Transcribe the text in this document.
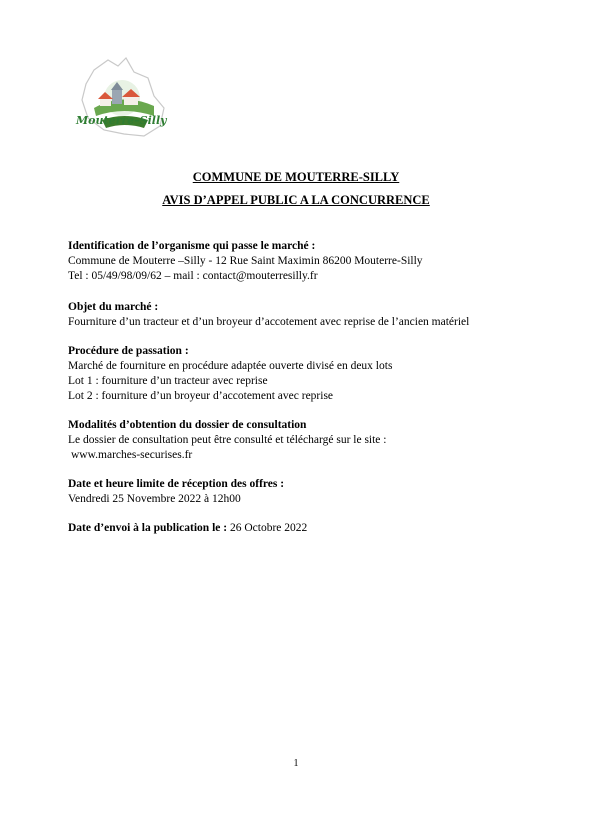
Mouterre–Silly
COMMUNE DE MOUTERRE-SILLY
AVIS D’APPEL PUBLIC A LA CONCURRENCE
Identification de l’organisme qui passe le marché :
Commune de Mouterre –Silly - 12 Rue Saint Maximin 86200 Mouterre-Silly
Tel : 05/49/98/09/62 – mail : contact@mouterresilly.fr
Objet du marché :
Fourniture d’un tracteur et d’un broyeur d’accotement avec reprise de l’ancien matériel
Procédure de passation :
Marché de fourniture en procédure adaptée ouverte divisé en deux lots
Lot 1 : fourniture d’un tracteur avec reprise
Lot 2 : fourniture d’un broyeur d’accotement avec reprise
Modalités d’obtention du dossier de consultation
Le dossier de consultation peut être consulté et téléchargé sur le site :
www.marches-securises.fr
Date et heure limite de réception des offres :
Vendredi 25 Novembre 2022 à 12h00
Date d’envoi à la publication le : 26 Octobre 2022
1
